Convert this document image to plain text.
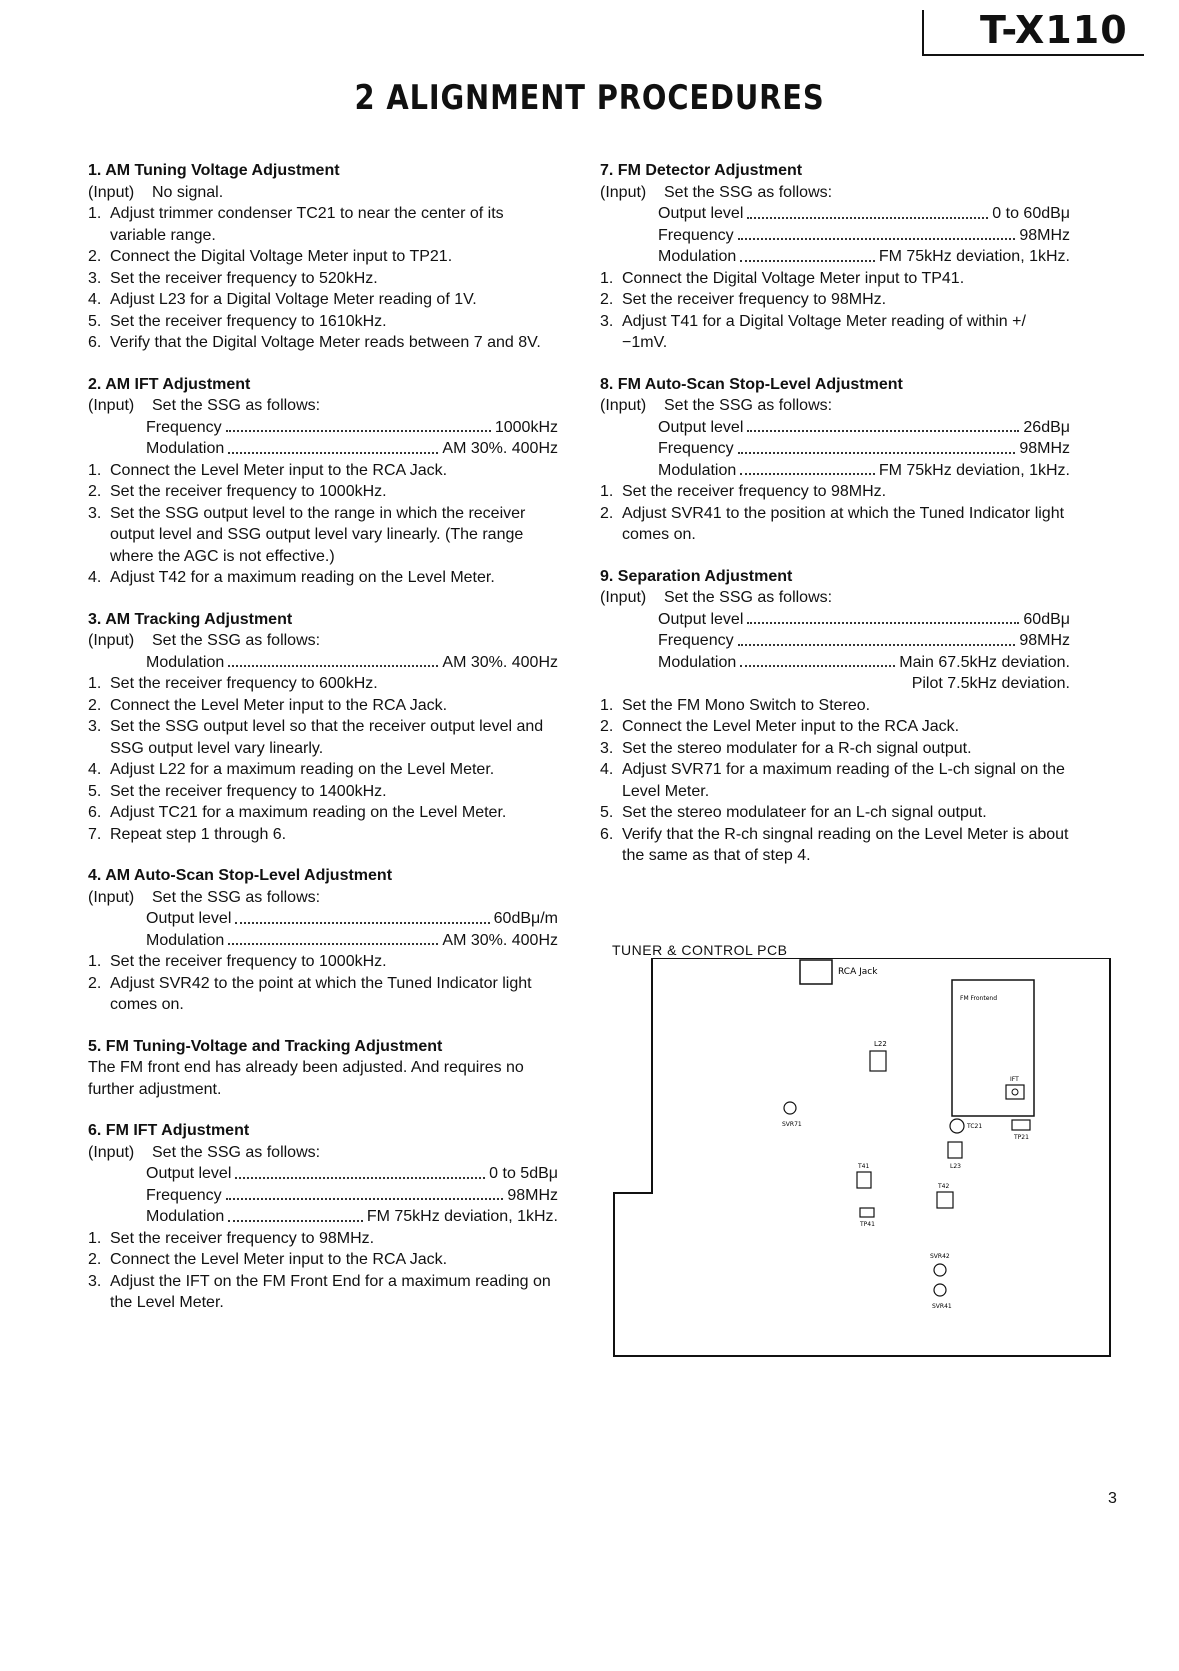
T-X110
2 ALIGNMENT PROCEDURES
1. AM Tuning Voltage Adjustment
(Input)	No signal.
1. Adjust trimmer condenser TC21 to near the center of its variable range.
2. Connect the Digital Voltage Meter input to TP21.
3. Set the receiver frequency to 520kHz.
4. Adjust L23 for a Digital Voltage Meter reading of 1V.
5. Set the receiver frequency to 1610kHz.
6. Verify that the Digital Voltage Meter reads between 7 and 8V.
2. AM IFT Adjustment
(Input)	Set the SSG as follows:
Frequency	1000kHz
Modulation	AM 30%. 400Hz
1. Connect the Level Meter input to the RCA Jack.
2. Set the receiver frequency to 1000kHz.
3. Set the SSG output level to the range in which the receiver output level and SSG output level vary linearly. (The range where the AGC is not effective.)
4. Adjust T42 for a maximum reading on the Level Meter.
3. AM Tracking Adjustment
(Input)	Set the SSG as follows:
Modulation	AM 30%. 400Hz
1. Set the receiver frequency to 600kHz.
2. Connect the Level Meter input to the RCA Jack.
3. Set the SSG output level so that the receiver output level and SSG output level vary linearly.
4. Adjust L22 for a maximum reading on the Level Meter.
5. Set the receiver frequency to 1400kHz.
6. Adjust TC21 for a maximum reading on the Level Meter.
7. Repeat step 1 through 6.
4. AM Auto-Scan Stop-Level Adjustment
(Input)	Set the SSG as follows:
Output level	60dBμ/m
Modulation	AM 30%. 400Hz
1. Set the receiver frequency to 1000kHz.
2. Adjust SVR42 to the point at which the Tuned Indicator light comes on.
5. FM Tuning-Voltage and Tracking Adjustment

The FM front end has already been adjusted. And requires no further adjustment.

6. FM IFT Adjustment
(Input)	Set the SSG as follows:
Output level	0 to 5dBμ
Frequency	98MHz
Modulation	FM 75kHz deviation, 1kHz.
1. Set the receiver frequency to 98MHz.
2. Connect the Level Meter input to the RCA Jack.
3. Adjust the IFT on the FM Front End for a maximum reading on the Level Meter.
7. FM Detector Adjustment
(Input)	Set the SSG as follows:
Output level	0 to 60dBμ
Frequency	98MHz
Modulation	FM 75kHz deviation, 1kHz.
1. Connect the Digital Voltage Meter input to TP41.
2. Set the receiver frequency to 98MHz.
3. Adjust T41 for a Digital Voltage Meter reading of within +/−1mV.
8. FM Auto-Scan Stop-Level Adjustment
(Input)	Set the SSG as follows:
Output level	26dBμ
Frequency	98MHz
Modulation	FM 75kHz deviation, 1kHz.
1. Set the receiver frequency to 98MHz.
2. Adjust SVR41 to the position at which the Tuned Indicator light comes on.
9. Separation Adjustment
(Input)	Set the SSG as follows:
Output level	60dBμ
Frequency	98MHz
Modulation	Main 67.5kHz deviation.
Pilot 7.5kHz deviation.
1. Set the FM Mono Switch to Stereo.
2. Connect the Level Meter input to the RCA Jack.
3. Set the stereo modulater for a R-ch signal output.
4. Adjust SVR71 for a maximum reading of the L-ch signal on the Level Meter.
5. Set the stereo modulateer for an L-ch signal output.
6. Verify that the R-ch singnal reading on the Level Meter is about the same as that of step 4.
TUNER & CONTROL PCB
RCA Jack
FM Frontend
L22
IFT
SVR71	TC21
TP21
L23
T41
T42
TP41
SVR42
SVR41
3
